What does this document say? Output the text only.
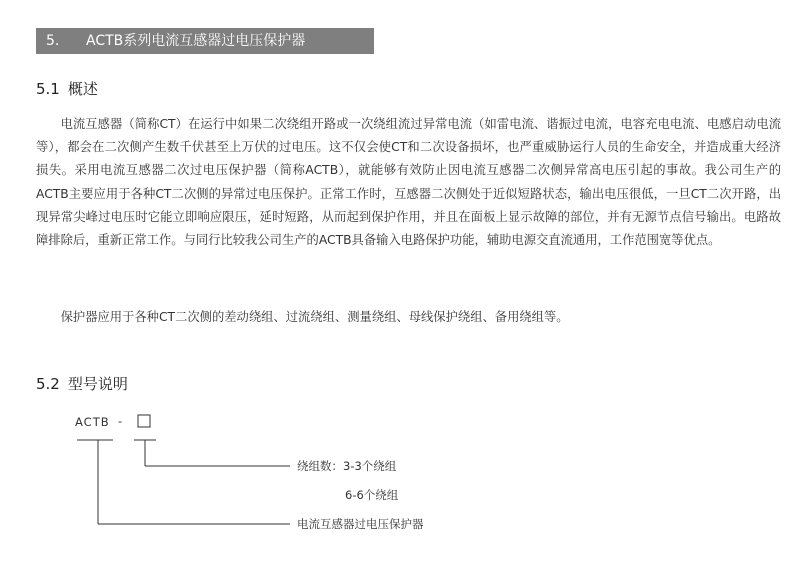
5. ACTB系列电流互感器过电压保护器
5.1 概述

电流互感器（简称CT）在运行中如果二次绕组开路或一次绕组流过异常电流（如雷电流、谐振过电流，电容充电电流、电感启动电流等），都会在二次侧产生数千伏甚至上万伏的过电压。这不仅会使CT和二次设备损坏，也严重威胁运行人员的生命安全，并造成重大经济损失。采用电流互感器二次过电压保护器（简称ACTB），就能够有效防止因电流互感器二次侧异常高电压引起的事故。我公司生产的ACTB主要应用于各种CT二次侧的异常过电压保护。正常工作时，互感器二次侧处于近似短路状态，输出电压很低，一旦CT二次开路，出现异常尖峰过电压时它能立即响应限压，延时短路，从而起到保护作用，并且在面板上显示故障的部位，并有无源节点信号输出。电路故障排除后，重新正常工作。与同行比较我公司生产的ACTB具备输入电路保护功能，辅助电源交直流通用，工作范围宽等优点。

保护器应用于各种CT二次侧的差动绕组、过流绕组、测量绕组、母线保护绕组、备用绕组等。

5.2 型号说明
ACTB -
绕组数：3-3个绕组
6-6个绕组
电流互感器过电压保护器
